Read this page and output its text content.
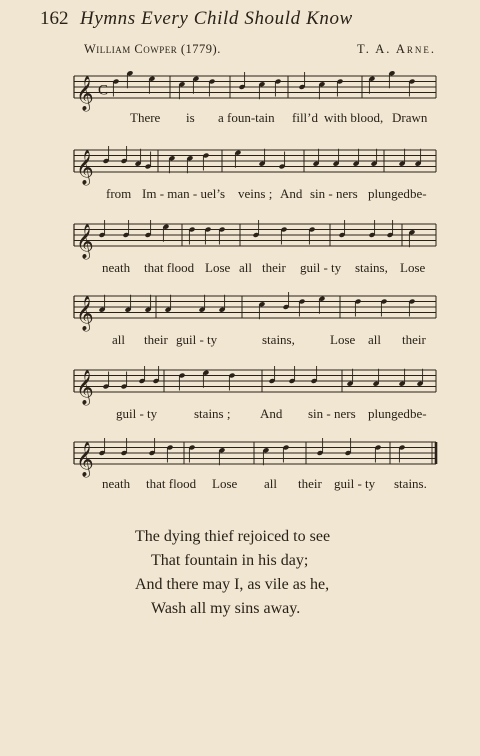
162 Hymns Every Child Should Know
William Cowper (1779).	T. A. Arne.
𝄞 C
There is a foun-tain fill’d with blood, Drawn
𝄞
from Im - man - uel’s veins ; And sin - ners plunged be-
𝄞
neath that flood Lose all their guil - ty stains, Lose
𝄞
all their guil - ty	stains,	Lose all their
𝄞
guil - ty	stains ; And sin - ners plunged be-
𝄞
neath that flood Lose all their guil - ty stains.
The dying thief rejoiced to see
That fountain in his day;
And there may I, as vile as he,
Wash all my sins away.
